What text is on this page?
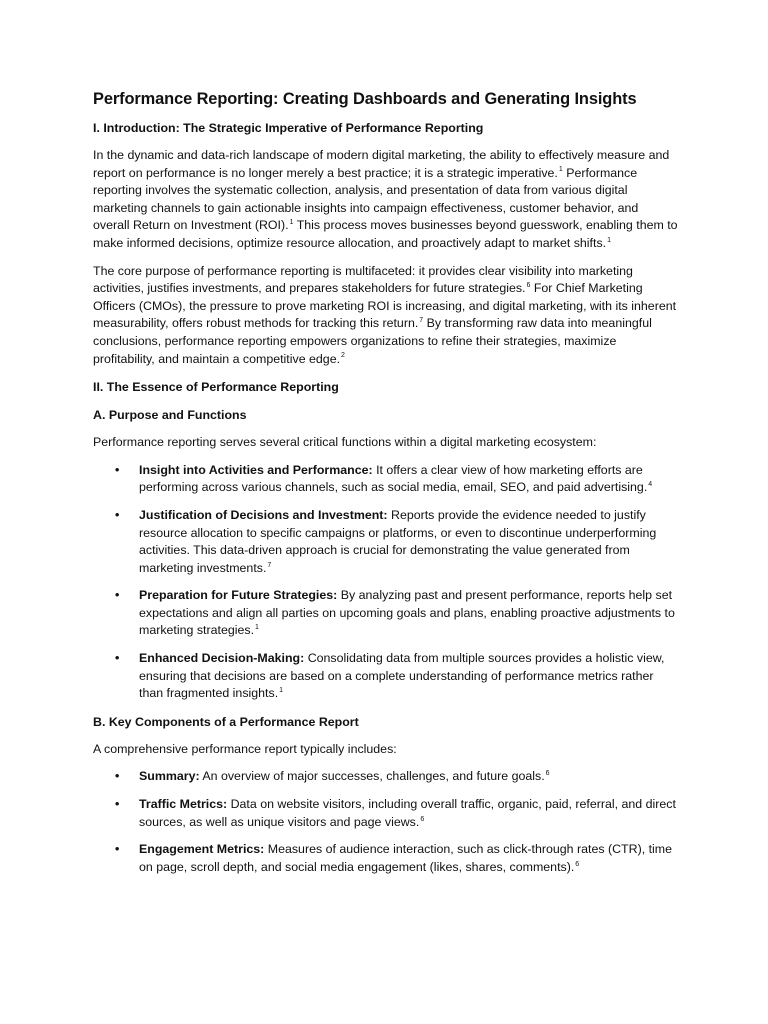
Performance Reporting: Creating Dashboards and Generating Insights
I. Introduction: The Strategic Imperative of Performance Reporting

In the dynamic and data-rich landscape of modern digital marketing, the ability to effectively measure and report on performance is no longer merely a best practice; it is a strategic imperative.$^1$ Performance reporting involves the systematic collection, analysis, and presentation of data from various digital marketing channels to gain actionable insights into campaign effectiveness, customer behavior, and overall Return on Investment (ROI).$^1$ This process moves businesses beyond guesswork, enabling them to make informed decisions, optimize resource allocation, and proactively adapt to market shifts.$^1$

The core purpose of performance reporting is multifaceted: it provides clear visibility into marketing activities, justifies investments, and prepares stakeholders for future strategies.$^6$ For Chief Marketing Officers (CMOs), the pressure to prove marketing ROI is increasing, and digital marketing, with its inherent measurability, offers robust methods for tracking this return.$^7$ By transforming raw data into meaningful conclusions, performance reporting empowers organizations to refine their strategies, maximize profitability, and maintain a competitive edge.$^2$

II. The Essence of Performance Reporting
A. Purpose and Functions

Performance reporting serves several critical functions within a digital marketing ecosystem:

• Insight into Activities and Performance: It offers a clear view of how marketing efforts are performing across various channels, such as social media, email, SEO, and paid advertising.$^4$
• Justification of Decisions and Investment: Reports provide the evidence needed to justify resource allocation to specific campaigns or platforms, or even to discontinue underperforming activities. This data-driven approach is crucial for demonstrating the value generated from marketing investments.$^7$
• Preparation for Future Strategies: By analyzing past and present performance, reports help set expectations and align all parties on upcoming goals and plans, enabling proactive adjustments to marketing strategies.$^1$
• Enhanced Decision-Making: Consolidating data from multiple sources provides a holistic view, ensuring that decisions are based on a complete understanding of performance metrics rather than fragmented insights.$^1$
B. Key Components of a Performance Report

A comprehensive performance report typically includes:

• Summary: An overview of major successes, challenges, and future goals.$^6$
• Traffic Metrics: Data on website visitors, including overall traffic, organic, paid, referral, and direct sources, as well as unique visitors and page views.$^6$
• Engagement Metrics: Measures of audience interaction, such as click-through rates (CTR), time on page, scroll depth, and social media engagement (likes, shares, comments).$^6$
